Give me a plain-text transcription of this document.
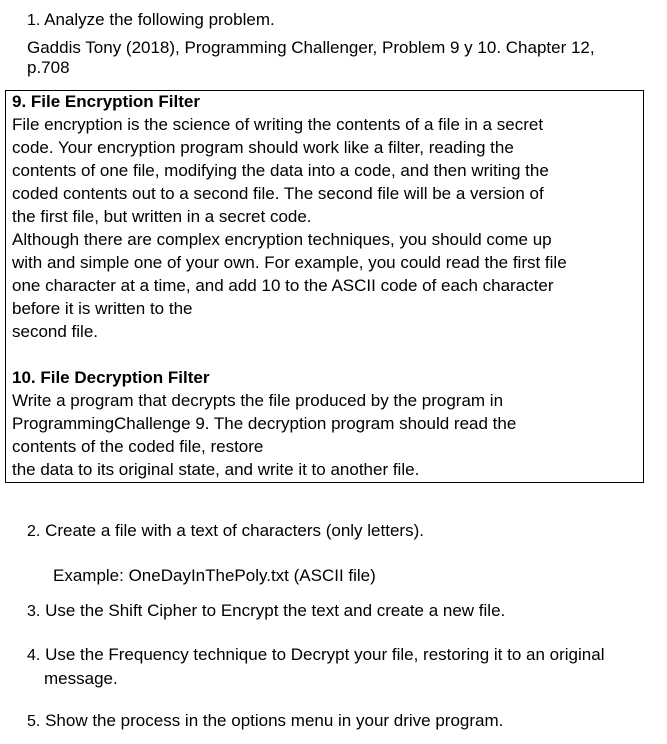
1. Analyze the following problem.
Gaddis Tony (2018), Programming Challenger, Problem 9 y 10. Chapter 12,
p.708
9. File Encryption Filter
File encryption is the science of writing the contents of a file in a secret
code. Your encryption program should work like a filter, reading the
contents of one file, modifying the data into a code, and then writing the
coded contents out to a second file. The second file will be a version of
the first file, but written in a secret code.
Although there are complex encryption techniques, you should come up
with and simple one of your own. For example, you could read the first file
one character at a time, and add 10 to the ASCII code of each character
before it is written to the
second file.
10. File Decryption Filter
Write a program that decrypts the file produced by the program in
ProgrammingChallenge 9. The decryption program should read the
contents of the coded file, restore
the data to its original state, and write it to another file.
2. Create a file with a text of characters (only letters).
Example: OneDayInThePoly.txt (ASCII file)
3. Use the Shift Cipher to Encrypt the text and create a new file.
4. Use the Frequency technique to Decrypt your file, restoring it to an original
message.
5. Show the process in the options menu in your drive program.
